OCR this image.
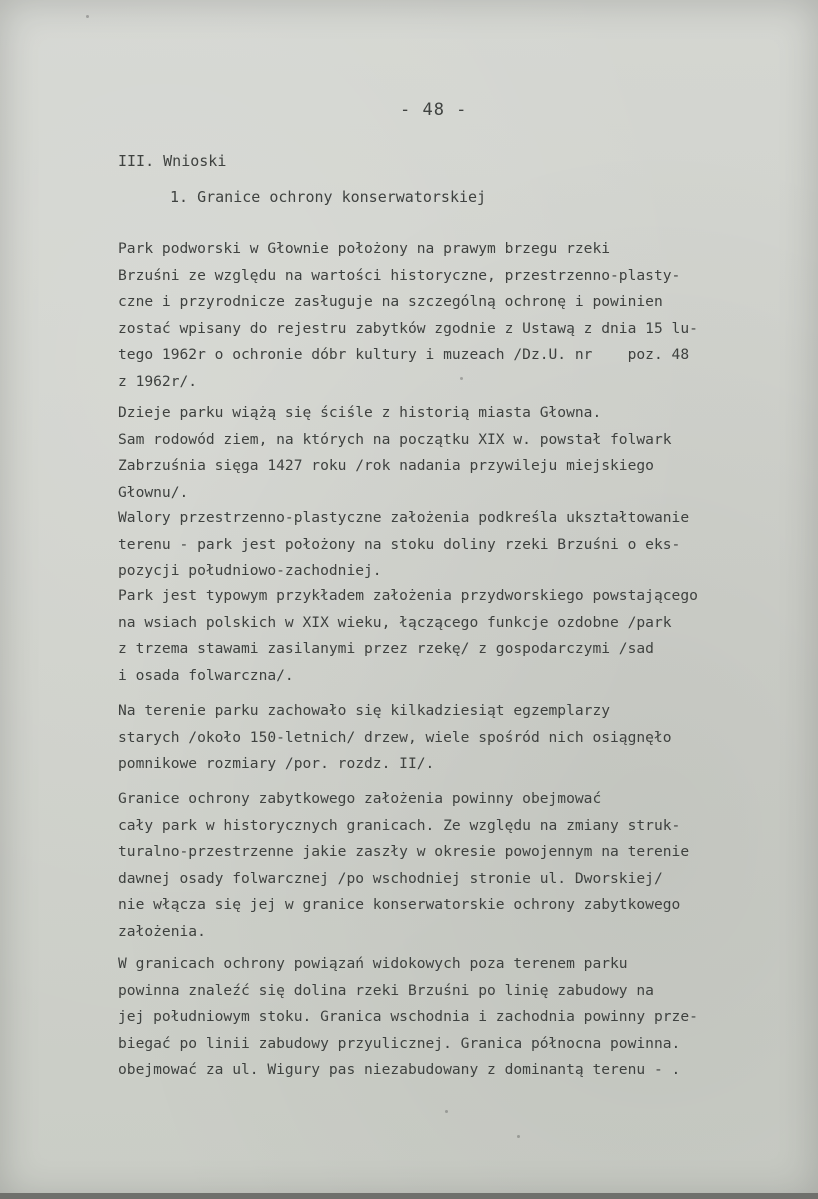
- 48 -
III. Wnioski
1. Granice ochrony konserwatorskiej

Park podworski w Głownie położony na prawym brzegu rzeki
Brzuśni ze względu na wartości historyczne, przestrzenno-plasty-
czne i przyrodnicze zasługuje na szczególną ochronę i powinien
zostać wpisany do rejestru zabytków zgodnie z Ustawą z dnia 15 lu-
tego 1962r o ochronie dóbr kultury i muzeach /Dz.U. nr    poz. 48
z 1962r/.

Dzieje parku wiążą się ściśle z historią miasta Głowna.
Sam rodowód ziem, na których na początku XIX w. powstał folwark
Zabrzuśnia sięga 1427 roku /rok nadania przywileju miejskiego
Głownu/.

Walory przestrzenno-plastyczne założenia podkreśla ukształtowanie
terenu - park jest położony na stoku doliny rzeki Brzuśni o eks-
pozycji południowo-zachodniej.

Park jest typowym przykładem założenia przydworskiego powstającego
na wsiach polskich w XIX wieku, łączącego funkcje ozdobne /park
z trzema stawami zasilanymi przez rzekę/ z gospodarczymi /sad
i osada folwarczna/.

Na terenie parku zachowało się kilkadziesiąt egzemplarzy
starych /około 150-letnich/ drzew, wiele spośród nich osiągnęło
pomnikowe rozmiary /por. rozdz. II/.

Granice ochrony zabytkowego założenia powinny obejmować
cały park w historycznych granicach. Ze względu na zmiany struk-
turalno-przestrzenne jakie zaszły w okresie powojennym na terenie
dawnej osady folwarcznej /po wschodniej stronie ul. Dworskiej/
nie włącza się jej w granice konserwatorskie ochrony zabytkowego
założenia.

W granicach ochrony powiązań widokowych poza terenem parku
powinna znaleźć się dolina rzeki Brzuśni po linię zabudowy na
jej południowym stoku. Granica wschodnia i zachodnia powinny prze-
biegać po linii zabudowy przyulicznej. Granica północna powinna.
obejmować za ul. Wigury pas niezabudowany z dominantą terenu - .
